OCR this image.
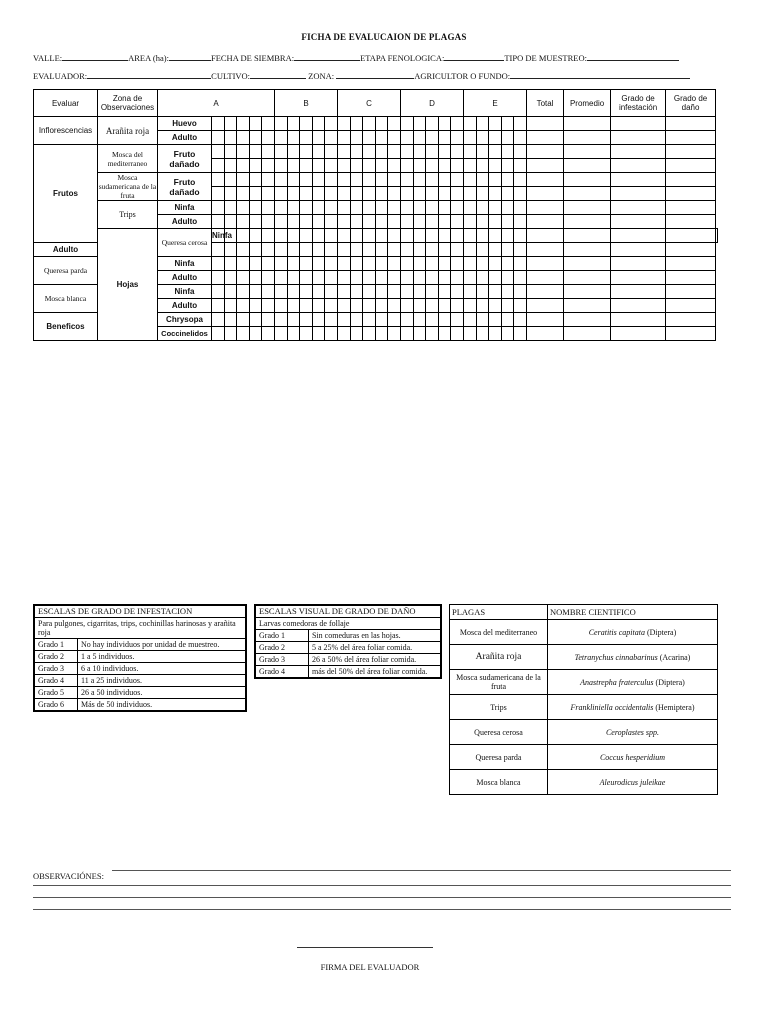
FICHA DE EVALUCAION DE PLAGAS
VALLE:	AREA (ha):	FECHA DE SIEMBRA:	ETAPA FENOLOGICA:	TIPO DE MUESTREO:
EVALUADOR:	CULTIVO:	ZONA:	AGRICULTOR O FUNDO:
Evaluar	Zona de Observaciones	A						B					C					D					E					Total	Promedio	Grado de infestación	Grado de daño	
Inflorescencias	Arañita roja	Huevo																														
		Adulto																														
Frutos	Mosca del mediterraneo	Fruto dañado																														

	Mosca sudamericana de la fruta	Fruto dañado																														

	Trips	Ninfa																														
		Adulto																														
	Hojas	Queresa cerosa	Ninfa																													
Adulto																																
Queresa parda		Ninfa																														
		Adulto																														
Mosca blanca		Ninfa																														
		Adulto																														
Beneficos		Chrysopa																														
		Coccinelidos																														
ESCALAS DE GRADO DE INFESTACION	
Para pulgones, cigarritas, trips, cochinillas harinosas y arañita roja	
Grado 1	No hay individuos por unidad de muestreo.
Grado 2	1 a 5 individuos.
Grado 3	6 a 10 individuos.
Grado 4	11 a 25 individuos.
Grado 5	26 a 50 individuos.
Grado 6	Más de 50 individuos.
ESCALAS VISUAL DE GRADO DE DAÑO	
Larvas comedoras de follaje	
Grado 1	Sin comeduras en las hojas.
Grado 2	5 a 25% del área foliar comida.
Grado 3	26 a 50% del área foliar comida.
Grado 4	más del 50% del área foliar comida.
PLAGAS	NOMBRE CIENTIFICO
Mosca del mediterraneo	Ceratitis capitata (Diptera)
Arañita roja	Tetranychus cinnabarinus (Acarina)
Mosca sudamericana de la fruta	Anastrepha fraterculus (Diptera)
Trips	Frankliniella occidentalis (Hemiptera)
Queresa cerosa	Ceroplastes spp.
Queresa parda	Coccus hesperidium
Mosca blanca	Aleurodicus juleikae
OBSERVACIÓNES:
FIRMA DEL EVALUADOR
